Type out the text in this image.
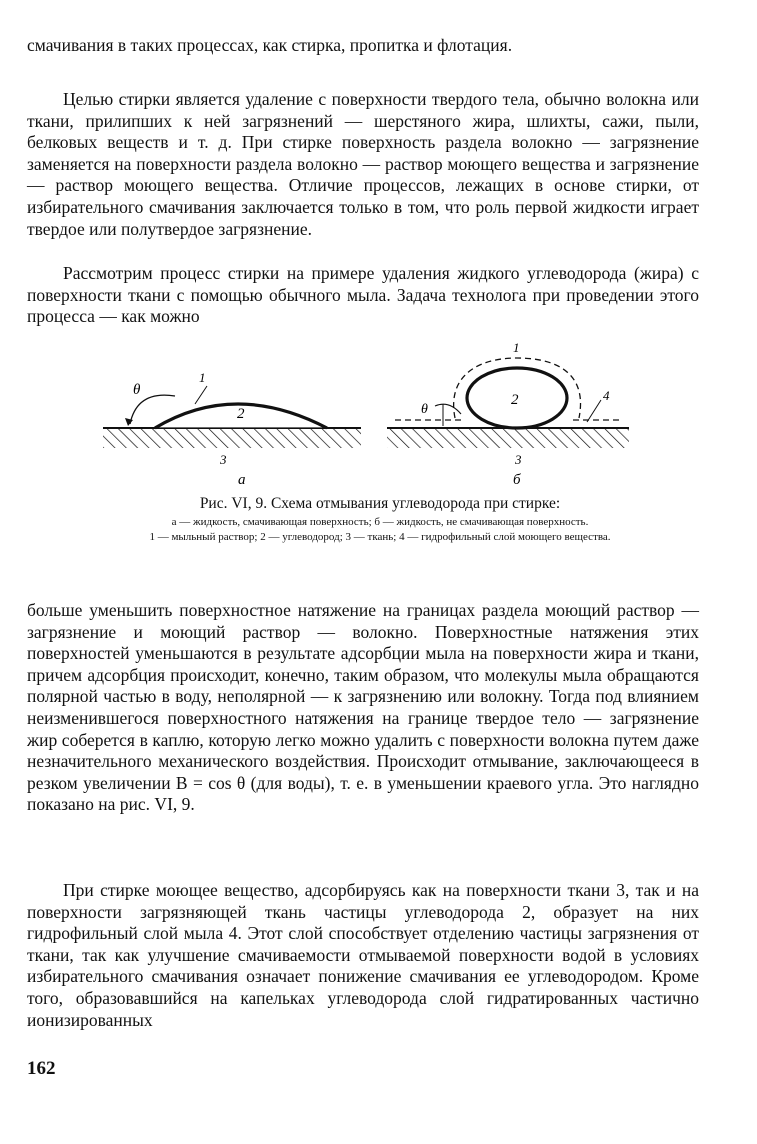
смачивания в таких процессах, как стирка, пропитка и флотация.

Целью стирки является удаление с поверхности твердого тела, обычно волокна или ткани, прилипших к ней загрязнений — шерстяного жира, шлихты, сажи, пыли, белковых веществ и т. д. При стирке поверхность раздела волокно — загрязнение заменяется на поверхности раздела волокно — раствор моющего вещества и загрязнение — раствор моющего вещества. Отличие процессов, лежащих в основе стирки, от избирательного смачивания заключается только в том, что роль первой жидкости играет твердое или полутвердое загрязнение.

Рассмотрим процесс стирки на примере удаления жидкого углеводорода (жира) с поверхности ткани с помощью обычного мыла. Задача технолога при проведении этого процесса — как можно

θ
1
2
3
а
θ
1
2	4
3
б

Рис. VI, 9. Схема отмывания углеводорода при стирке:

а — жидкость, смачивающая поверхность; б — жидкость, не смачивающая поверхность.

1 — мыльный раствор; 2 — углеводород; 3 — ткань; 4 — гидрофильный слой моющего вещества.

больше уменьшить поверхностное натяжение на границах раздела моющий раствор — загрязнение и моющий раствор — волокно. Поверхностные натяжения этих поверхностей уменьшаются в результате адсорбции мыла на поверхности жира и ткани, причем адсорбция происходит, конечно, таким образом, что молекулы мыла обращаются полярной частью в воду, неполярной — к загрязнению или волокну. Тогда под влиянием неизменившегося поверхностного натяжения на границе твердое тело — загрязнение жир соберется в каплю, которую легко можно удалить с поверхности волокна путем даже незначительного механического воздействия. Происходит отмывание, заключающееся в резком увеличении B = cos θ (для воды), т. е. в уменьшении краевого угла. Это наглядно показано на рис. VI, 9.

При стирке моющее вещество, адсорбируясь как на поверхности ткани 3, так и на поверхности загрязняющей ткань частицы углеводорода 2, образует на них гидрофильный слой мыла 4. Этот слой способствует отделению частицы загрязнения от ткани, так как улучшение смачиваемости отмываемой поверхности водой в условиях избирательного смачивания означает понижение смачивания ее углеводородом. Кроме того, образовавшийся на капельках углеводорода слой гидратированных частично ионизированных

162
